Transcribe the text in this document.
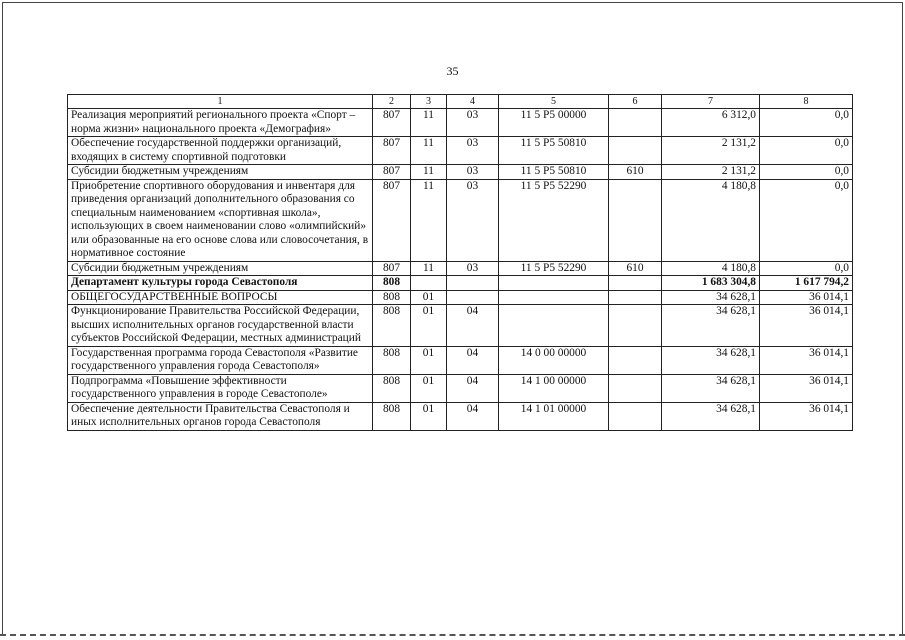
35
1	2	3	4	5	6	7	8
Реализация мероприятий регионального проекта «Спорт – норма жизни» национального проекта «Демография»	807	11	03	11 5 P5 00000		6 312,0	0,0
Обеспечение государственной поддержки организаций, входящих в систему спортивной подготовки	807	11	03	11 5 P5 50810		2 131,2	0,0
Субсидии бюджетным учреждениям	807	11	03	11 5 P5 50810	610	2 131,2	0,0
Приобретение спортивного оборудования и инвентаря для приведения организаций дополнительного образования со специальным наименованием «спортивная школа», использующих в своем наименовании слово «олимпийский» или образованные на его основе слова или словосочетания, в нормативное состояние	807	11	03	11 5 P5 52290		4 180,8	0,0
Субсидии бюджетным учреждениям	807	11	03	11 5 P5 52290	610	4 180,8	0,0
Департамент культуры города Севастополя	808					1 683 304,8	1 617 794,2
ОБЩЕГОСУДАРСТВЕННЫЕ ВОПРОСЫ	808	01				34 628,1	36 014,1
Функционирование Правительства Российской Федерации, высших исполнительных органов государственной власти субъектов Российской Федерации, местных администраций	808	01	04			34 628,1	36 014,1
Государственная программа города Севастополя «Развитие государственного управления города Севастополя»	808	01	04	14 0 00 00000		34 628,1	36 014,1
Подпрограмма «Повышение эффективности государственного управления в городе Севастополе»	808	01	04	14 1 00 00000		34 628,1	36 014,1
Обеспечение деятельности Правительства Севастополя и иных исполнительных органов города Севастополя	808	01	04	14 1 01 00000		34 628,1	36 014,1
